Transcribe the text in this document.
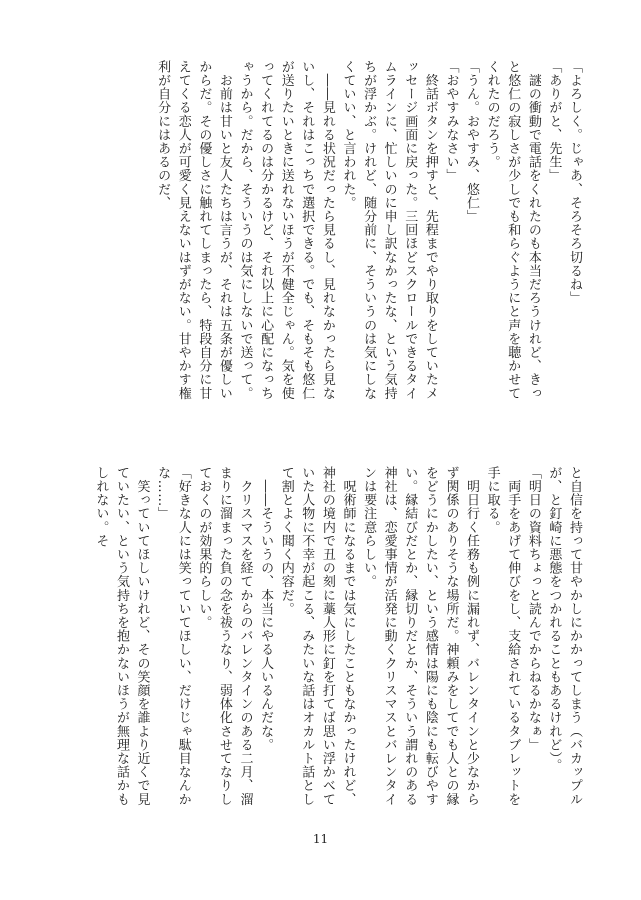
「よろしく。じゃあ、そろそろ切るね」

「ありがと、先生」

　謎の衝動で電話をくれたのも本当だろうけれど、きっと悠仁の寂しさが少しでも和らぐようにと声を聴かせてくれたのだろう。

「うん。おやすみ、悠仁」

「おやすみなさい」

　終話ボタンを押すと、先程までやり取りをしていたメッセージ画面に戻った。三回ほどスクロールできるタイムラインに、忙しいのに申し訳なかったな、という気持ちが浮かぶ。けれど、随分前に、そういうのは気にしなくていい、と言われた。

　――見れる状況だったら見るし、見れなかったら見ないし、それはこっちで選択できる。でも、そもそも悠仁が送りたいときに送れないほうが不健全じゃん。気を使ってくれてるのは分かるけど、それ以上に心配になっちゃうから。だから、そういうのは気にしないで送って。

　お前は甘いと友人たちは言うが、それは五条が優しいからだ。その優しさに触れてしまったら、特段自分に甘えてくる恋人が可愛く見えないはずがない。甘やかす権利が自分にはあるのだ、

と自信を持って甘やかしにかかってしまう（バカップルが、と釘崎に悪態をつかれることもあるけれど）。

「明日の資料ちょっと読んでからねるかなぁ」

　両手をあげて伸びをし、支給されているタブレットを手に取る。

　明日行く任務も例に漏れず、バレンタインと少なからず関係のありそうな場所だ。神頼みをしてでも人との縁をどうにかしたい、という感情は陽にも陰にも転びやすい。縁結びだとか、縁切りだとか、そういう謂れのある神社は、恋愛事情が活発に動くクリスマスとバレンタインは要注意らしい。

　呪術師になるまでは気にしたこともなかったけれど、神社の境内で丑の刻に藁人形に釘を打てば思い浮かべていた人物に不幸が起こる、みたいな話はオカルト話として割とよく聞く内容だ。

　――そういうの、本当にやる人いるんだな。

　クリスマスを経てからのバレンタインのある二月、溜まりに溜まった負の念を祓うなり、弱体化させてなりしておくのが効果的らしい。

「好きな人には笑っていてほしい、だけじゃ駄目なんかな……」

　笑っていてほしいけれど、その笑顔を誰より近くで見ていたい、という気持ちを抱かないほうが無理な話かもしれない。そ

11
